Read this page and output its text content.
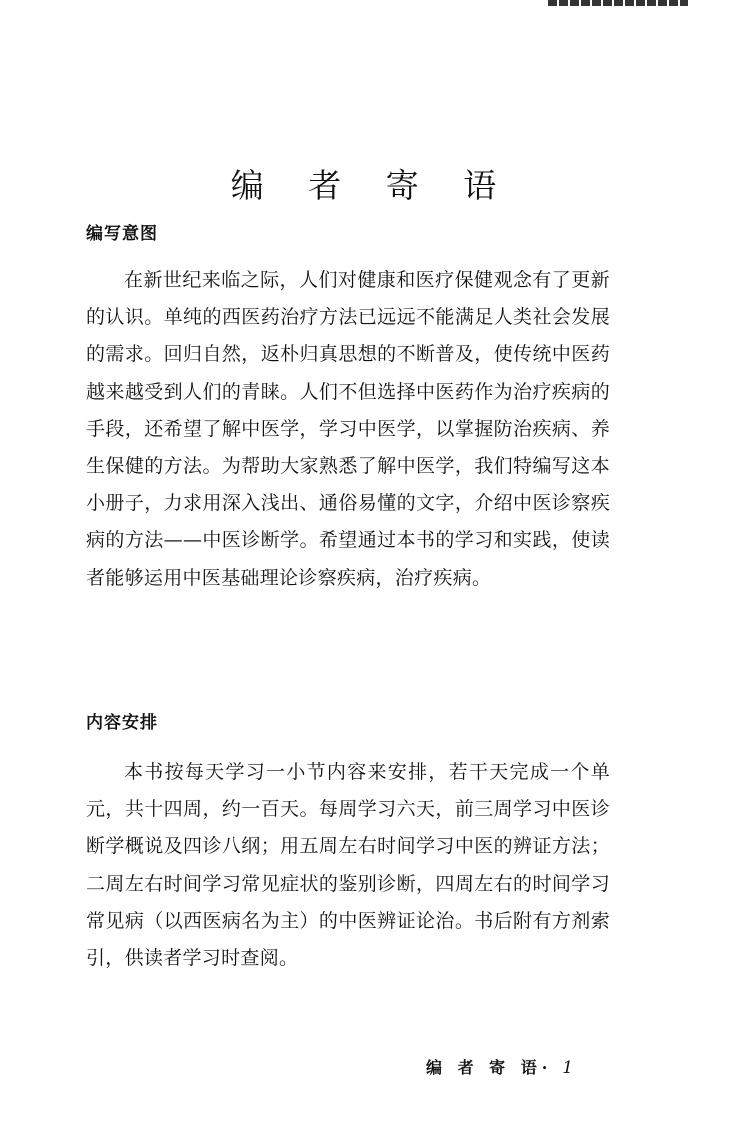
编 者 寄 语
编写意图

在新世纪来临之际，人们对健康和医疗保健观念有了更新的认识。单纯的西医药治疗方法已远远不能满足人类社会发展的需求。回归自然，返朴归真思想的不断普及，使传统中医药越来越受到人们的青睐。人们不但选择中医药作为治疗疾病的手段，还希望了解中医学，学习中医学，以掌握防治疾病、养生保健的方法。为帮助大家熟悉了解中医学，我们特编写这本小册子，力求用深入浅出、通俗易懂的文字，介绍中医诊察疾病的方法——中医诊断学。希望通过本书的学习和实践，使读者能够运用中医基础理论诊察疾病，治疗疾病。

内容安排

本书按每天学习一小节内容来安排，若干天完成一个单元，共十四周，约一百天。每周学习六天，前三周学习中医诊断学概说及四诊八纲；用五周左右时间学习中医的辨证方法；二周左右时间学习常见症状的鉴别诊断，四周左右的时间学习常见病（以西医病名为主）的中医辨证论治。书后附有方剂索引，供读者学习时查阅。

编 者 寄 语· 1
